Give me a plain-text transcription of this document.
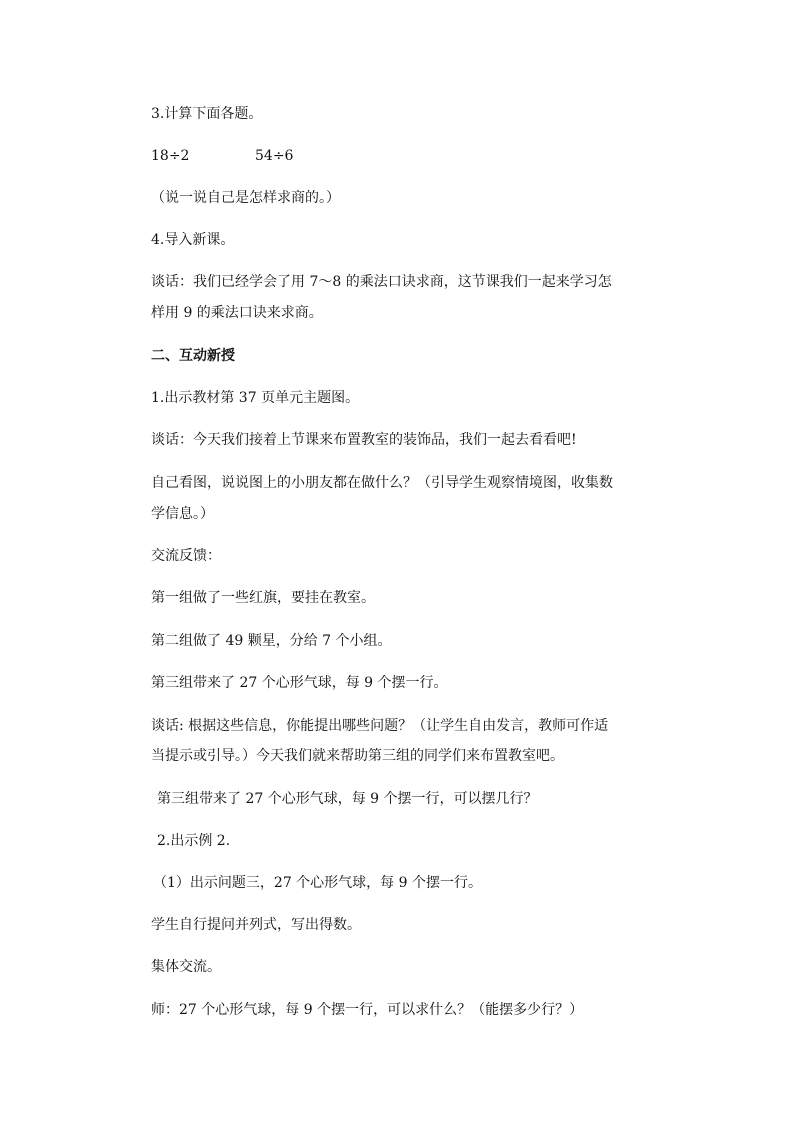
3.计算下面各题。
18÷2	54÷6
（说一说自己是怎样求商的。）
4.导入新课。
谈话：我们已经学会了用 7～8 的乘法口诀求商，这节课我们一起来学习怎
样用 9 的乘法口诀来求商。
二、互动新授
1.出示教材第 37 页单元主题图。
谈话：今天我们接着上节课来布置教室的装饰品，我们一起去看看吧!
自己看图，说说图上的小朋友都在做什么？（引导学生观察情境图，收集数
学信息。）
交流反馈：
第一组做了一些红旗，要挂在教室。
第二组做了 49 颗星，分给 7 个小组。
第三组带来了 27 个心形气球，每 9 个摆一行。
谈话: 根据这些信息，你能提出哪些问题？（让学生自由发言，教师可作适
当提示或引导。）今天我们就来帮助第三组的同学们来布置教室吧。
第三组带来了 27 个心形气球，每 9 个摆一行，可以摆几行？
2.出示例 2.
（1）出示问题三，27 个心形气球，每 9 个摆一行。
学生自行提问并列式，写出得数。
集体交流。
师：27 个心形气球，每 9 个摆一行，可以求什么？（能摆多少行？）
